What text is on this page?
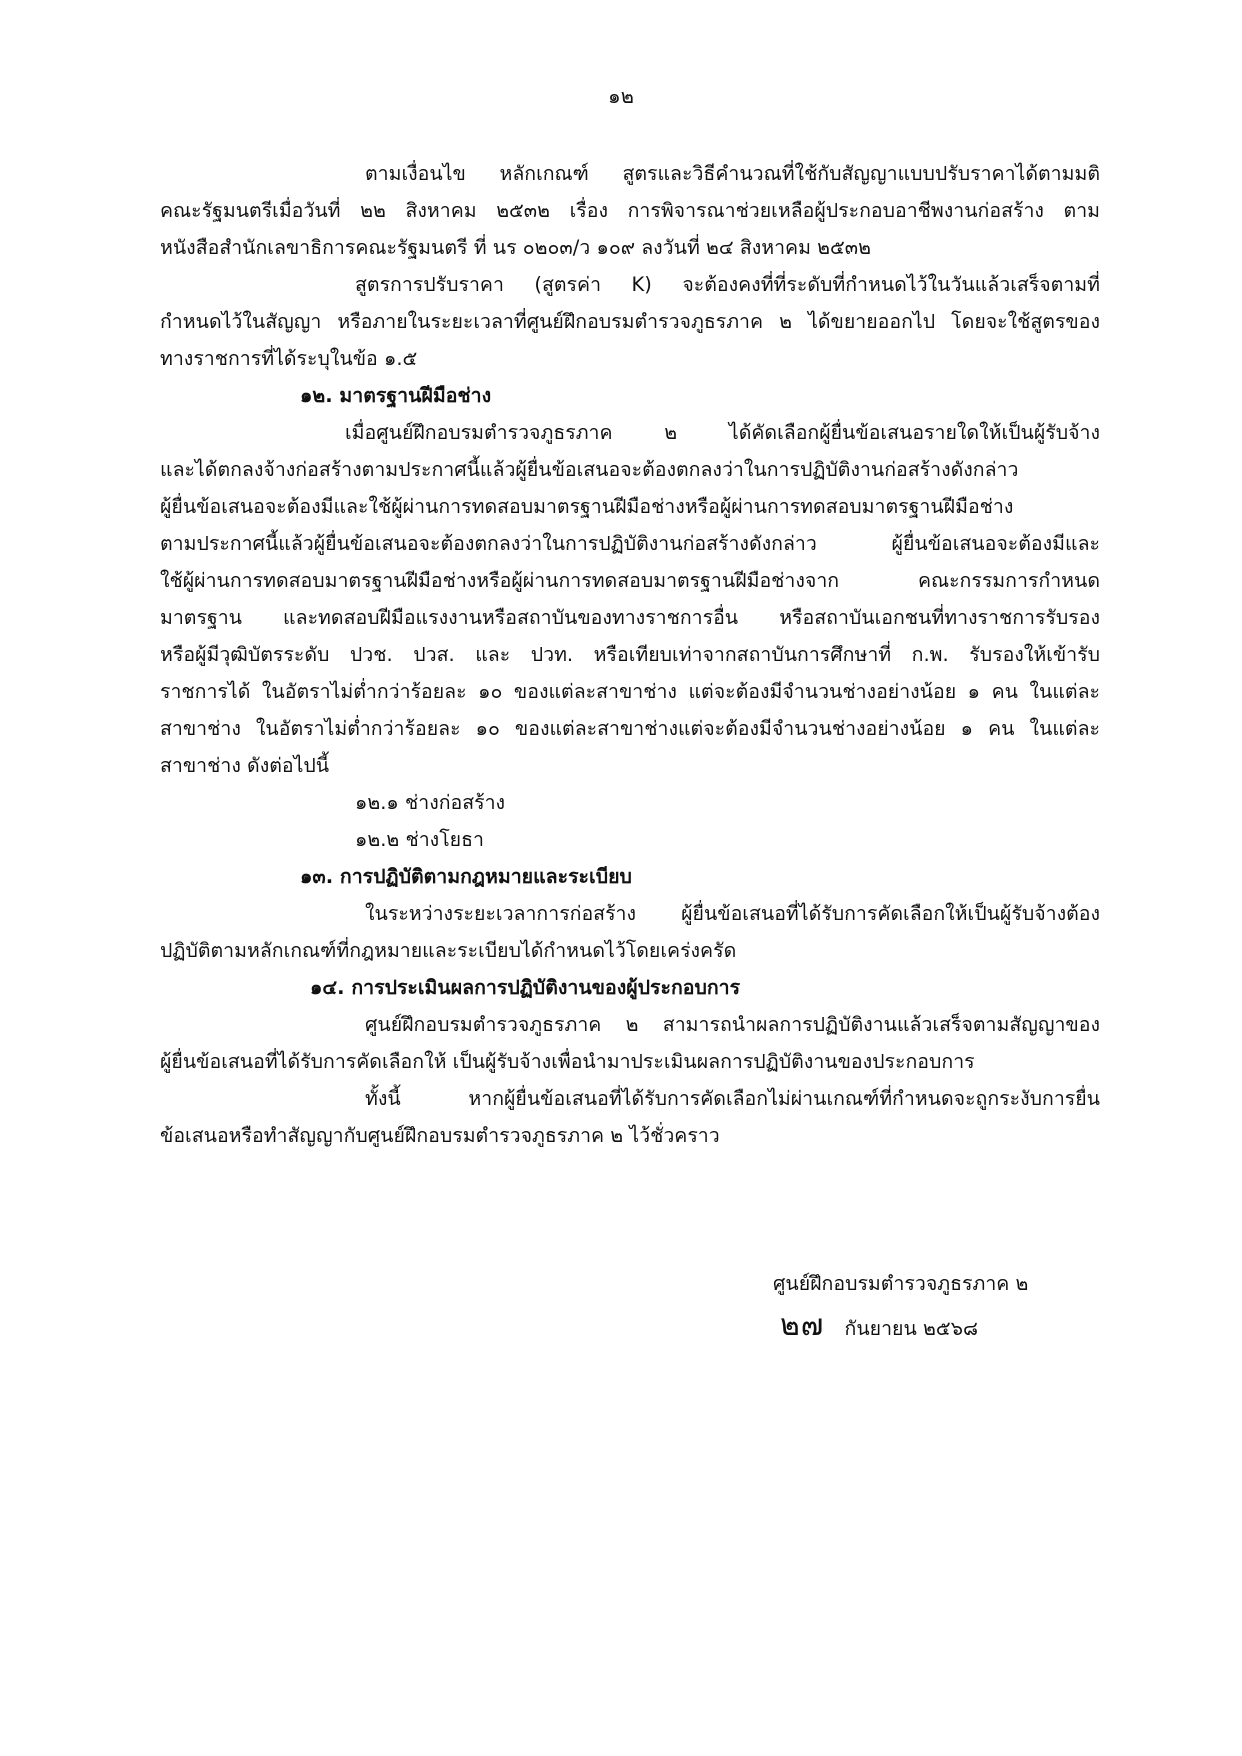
๑๒
ตามเงื่อนไข หลักเกณฑ์ สูตรและวิธีคำนวณที่ใช้กับสัญญาแบบปรับราคาได้ตามมติ
คณะรัฐมนตรีเมื่อวันที่ ๒๒ สิงหาคม ๒๕๓๒ เรื่อง การพิจารณาช่วยเหลือผู้ประกอบอาชีพงานก่อสร้าง ตาม
หนังสือสำนักเลขาธิการคณะรัฐมนตรี ที่ นร ๐๒๐๓/ว ๑๐๙ ลงวันที่ ๒๔ สิงหาคม ๒๕๓๒
สูตรการปรับราคา (สูตรค่า K) จะต้องคงที่ที่ระดับที่กำหนดไว้ในวันแล้วเสร็จตามที่
กำหนดไว้ในสัญญา หรือภายในระยะเวลาที่ศูนย์ฝึกอบรมตำรวจภูธรภาค ๒ ได้ขยายออกไป โดยจะใช้สูตรของ
ทางราชการที่ได้ระบุในข้อ ๑.๕
๑๒. มาตรฐานฝีมือช่าง
เมื่อศูนย์ฝึกอบรมตำรวจภูธรภาค ๒ ได้คัดเลือกผู้ยื่นข้อเสนอรายใดให้เป็นผู้รับจ้าง
และได้ตกลงจ้างก่อสร้างตามประกาศนี้แล้วผู้ยื่นข้อเสนอจะต้องตกลงว่าในการปฏิบัติงานก่อสร้างดังกล่าว
ผู้ยื่นข้อเสนอจะต้องมีและใช้ผู้ผ่านการทดสอบมาตรฐานฝีมือช่างหรือผู้ผ่านการทดสอบมาตรฐานฝีมือช่าง
ตามประกาศนี้แล้วผู้ยื่นข้อเสนอจะต้องตกลงว่าในการปฏิบัติงานก่อสร้างดังกล่าว ผู้ยื่นข้อเสนอจะต้องมีและ
ใช้ผู้ผ่านการทดสอบมาตรฐานฝีมือช่างหรือผู้ผ่านการทดสอบมาตรฐานฝีมือช่างจาก คณะกรรมการกำหนด
มาตรฐาน และทดสอบฝีมือแรงงานหรือสถาบันของทางราชการอื่น หรือสถาบันเอกชนที่ทางราชการรับรอง
หรือผู้มีวุฒิบัตรระดับ ปวช. ปวส. และ ปวท. หรือเทียบเท่าจากสถาบันการศึกษาที่ ก.พ. รับรองให้เข้ารับ
ราชการได้ ในอัตราไม่ต่ำกว่าร้อยละ ๑๐ ของแต่ละสาขาช่าง แต่จะต้องมีจำนวนช่างอย่างน้อย ๑ คน ในแต่ละ
สาขาช่าง ในอัตราไม่ต่ำกว่าร้อยละ ๑๐ ของแต่ละสาขาช่างแต่จะต้องมีจำนวนช่างอย่างน้อย ๑ คน ในแต่ละ
สาขาช่าง ดังต่อไปนี้
๑๒.๑ ช่างก่อสร้าง
๑๒.๒ ช่างโยธา
๑๓. การปฏิบัติตามกฎหมายและระเบียบ
ในระหว่างระยะเวลาการก่อสร้าง ผู้ยื่นข้อเสนอที่ได้รับการคัดเลือกให้เป็นผู้รับจ้างต้อง
ปฏิบัติตามหลักเกณฑ์ที่กฎหมายและระเบียบได้กำหนดไว้โดยเคร่งครัด
๑๔. การประเมินผลการปฏิบัติงานของผู้ประกอบการ
ศูนย์ฝึกอบรมตำรวจภูธรภาค ๒ สามารถนำผลการปฏิบัติงานแล้วเสร็จตามสัญญาของ
ผู้ยื่นข้อเสนอที่ได้รับการคัดเลือกให้ เป็นผู้รับจ้างเพื่อนำมาประเมินผลการปฏิบัติงานของประกอบการ
ทั้งนี้ หากผู้ยื่นข้อเสนอที่ได้รับการคัดเลือกไม่ผ่านเกณฑ์ที่กำหนดจะถูกระงับการยื่น
ข้อเสนอหรือทำสัญญากับศูนย์ฝึกอบรมตำรวจภูธรภาค ๒ ไว้ชั่วคราว
ศูนย์ฝึกอบรมตำรวจภูธรภาค ๒
๒๗ กันยายน ๒๕๖๘
